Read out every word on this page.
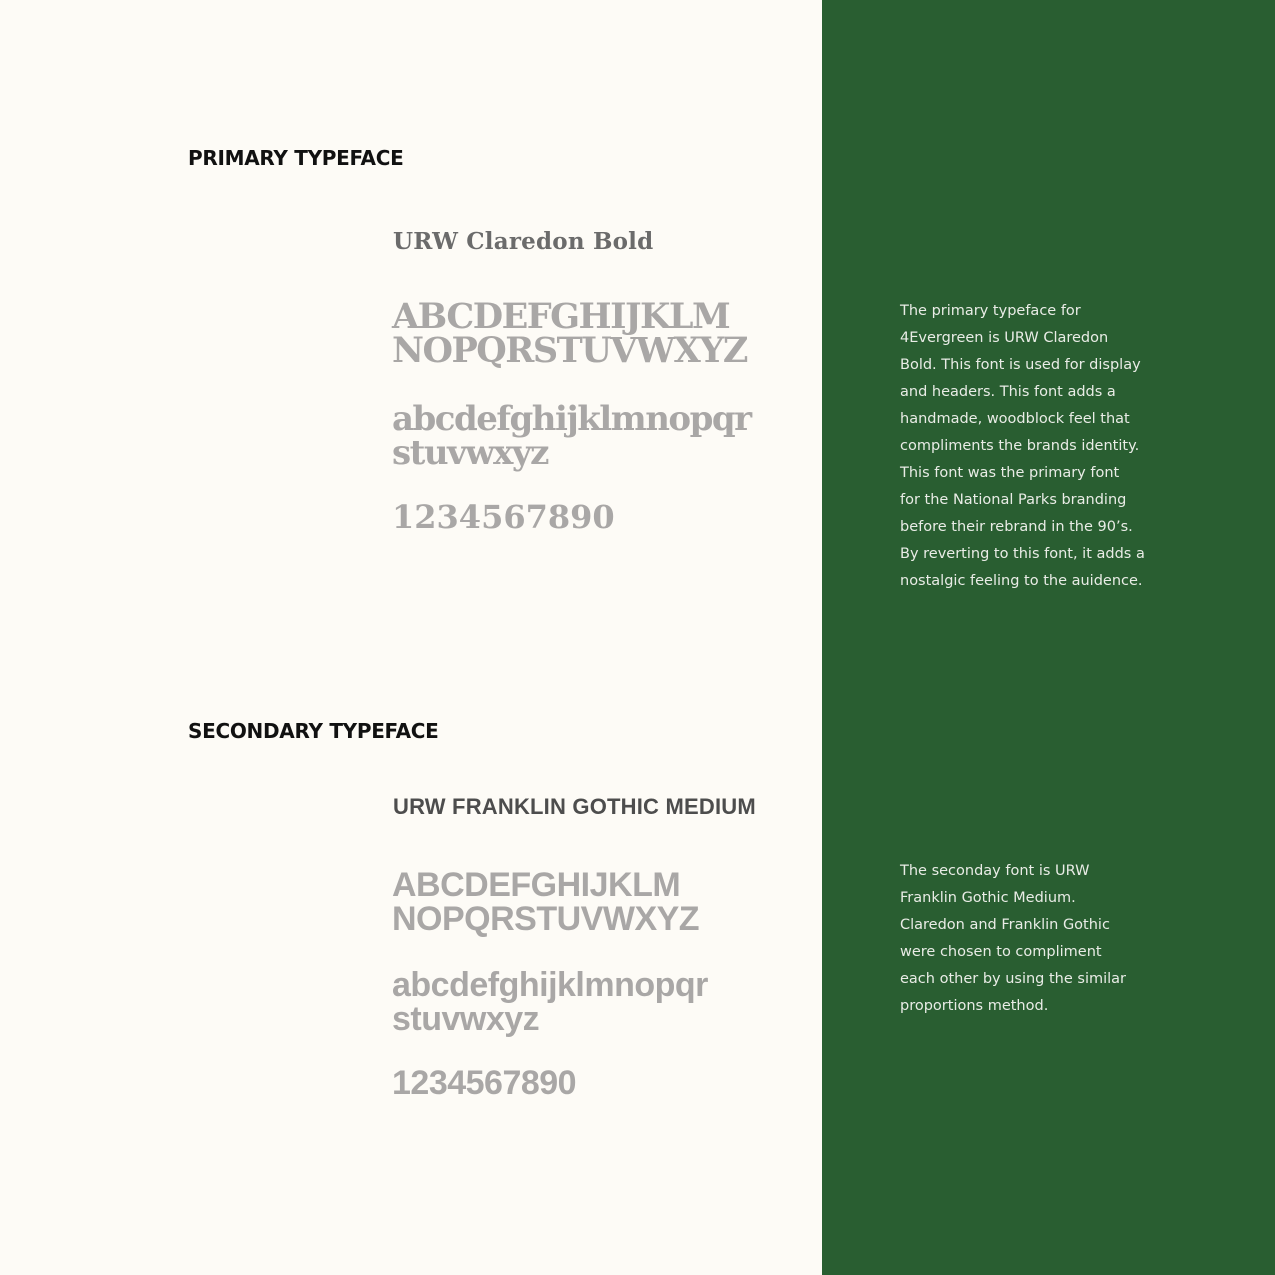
PRIMARY TYPEFACE
URW Claredon Bold
ABCDEFGHIJKLM
NOPQRSTUVWXYZ
abcdefghijklmnopqr
stuvwxyz
1234567890
The primary typeface for
4Evergreen is URW Claredon
Bold. This font is used for display
and headers. This font adds a
handmade, woodblock feel that
compliments the brands identity.
This font was the primary font
for the National Parks branding
before their rebrand in the 90’s.
By reverting to this font, it adds a
nostalgic feeling to the auidence.
SECONDARY TYPEFACE
URW FRANKLIN GOTHIC MEDIUM
ABCDEFGHIJKLM
NOPQRSTUVWXYZ
abcdefghijklmnopqr
stuvwxyz
1234567890
The seconday font is URW
Franklin Gothic Medium.
Claredon and Franklin Gothic
were chosen to compliment
each other by using the similar
proportions method.
